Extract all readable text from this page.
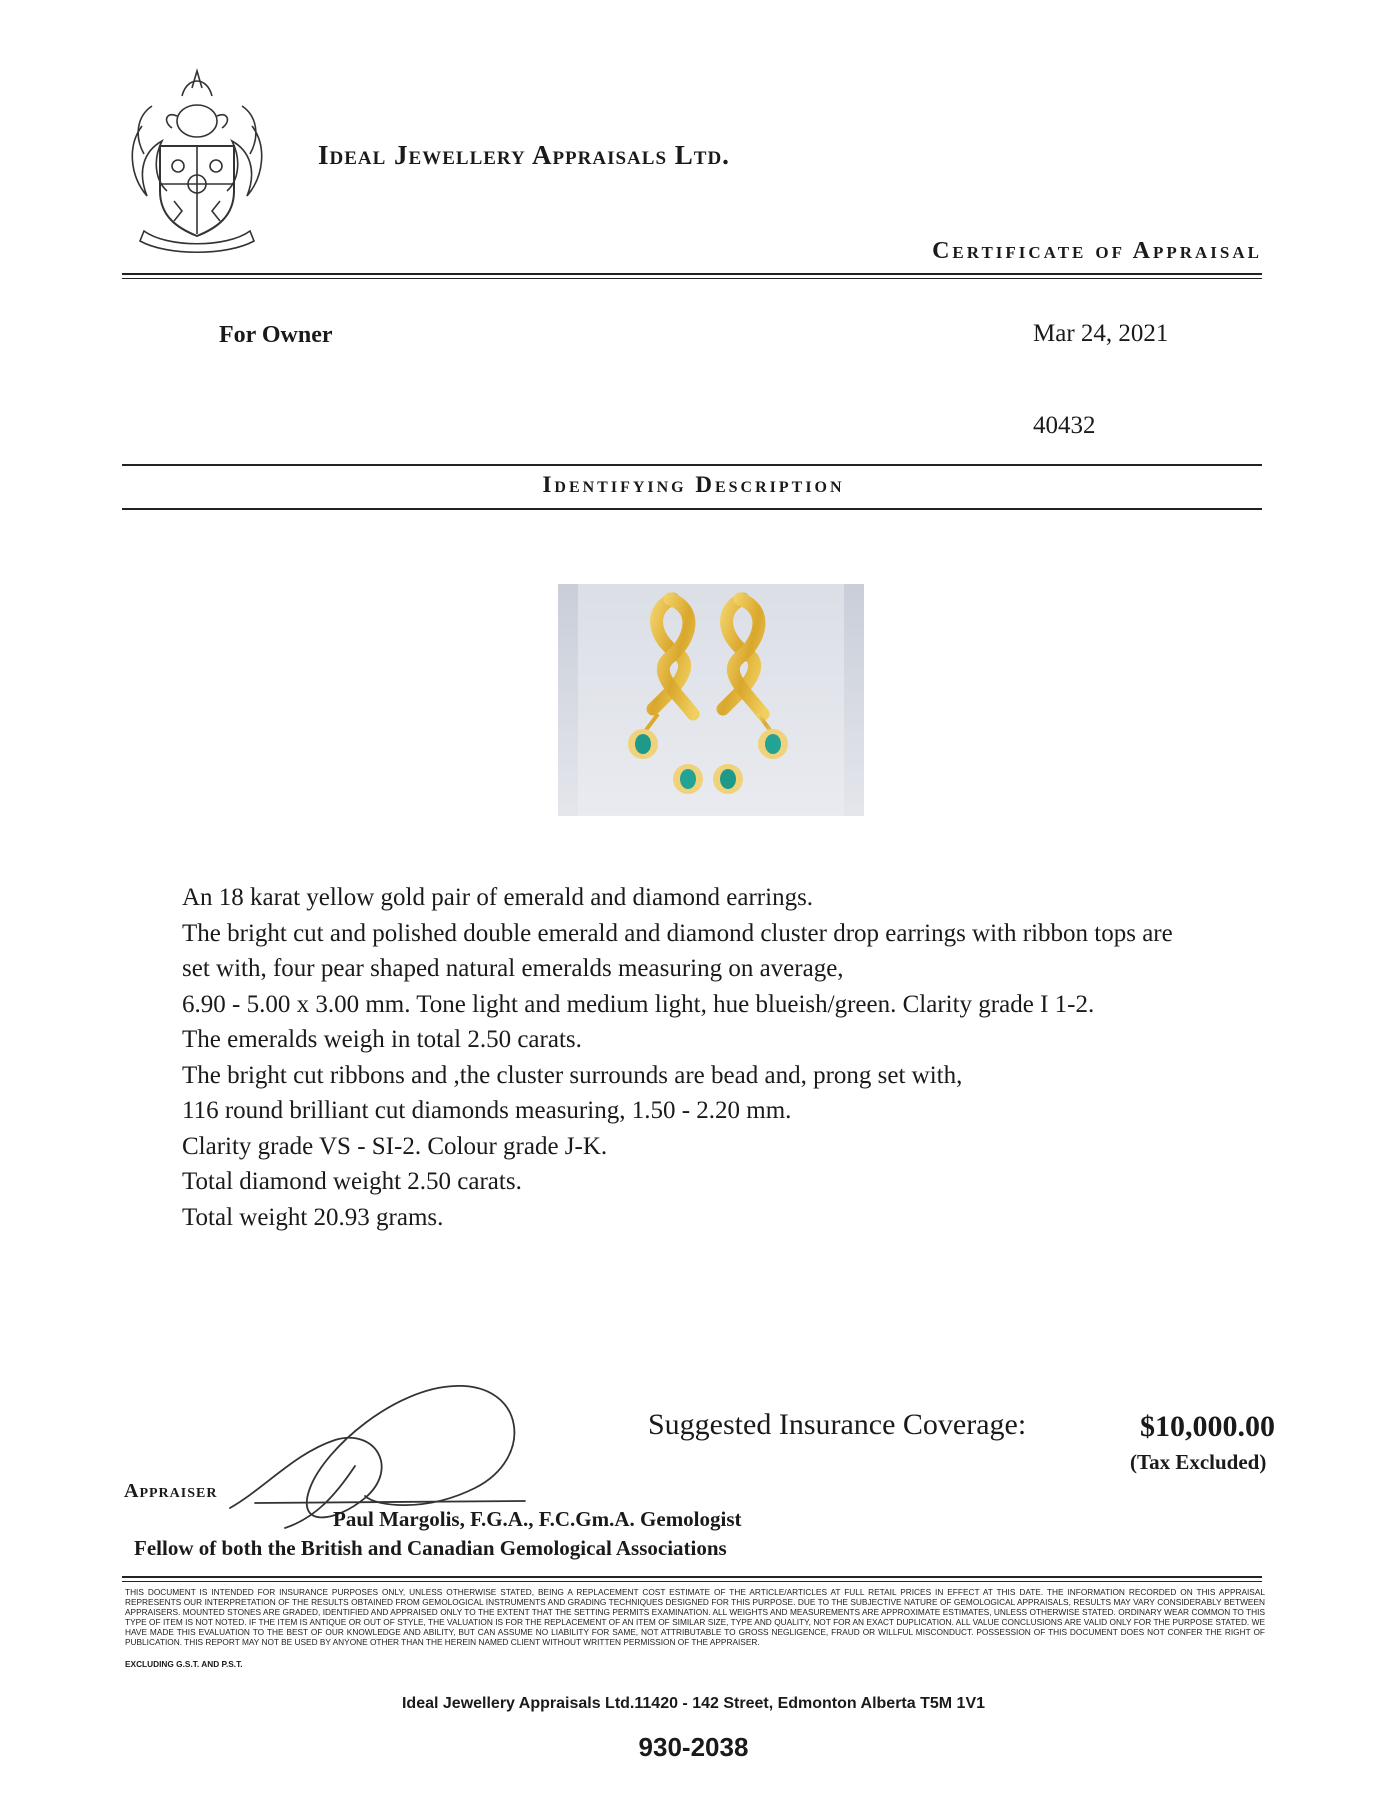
Ideal Jewellery Appraisals Ltd.
Certificate of Appraisal
For Owner	Mar 24, 2021
40432
Identifying Description
An 18 karat yellow gold pair of emerald and diamond earrings.
The bright cut and polished double emerald and diamond cluster drop earrings with ribbon tops are
set with, four pear shaped natural emeralds measuring on average,
6.90 - 5.00 x 3.00 mm. Tone light and medium light, hue blueish/green. Clarity grade I 1-2.
The emeralds weigh in total 2.50 carats.
The bright cut ribbons and ,the cluster surrounds are bead and, prong set with,
116 round brilliant cut diamonds measuring, 1.50 - 2.20 mm.
Clarity grade VS - SI-2. Colour grade J-K.
Total diamond weight 2.50 carats.
Total weight 20.93 grams.
Suggested Insurance Coverage:	$10,000.00
(Tax Excluded)
Appraiser
Paul Margolis, F.G.A., F.C.Gm.A. Gemologist
Fellow of both the British and Canadian Gemological Associations

THIS DOCUMENT IS INTENDED FOR INSURANCE PURPOSES ONLY, UNLESS OTHERWISE STATED, BEING A REPLACEMENT COST ESTIMATE OF THE ARTICLE/ARTICLES AT FULL RETAIL PRICES IN EFFECT AT THIS DATE. THE INFORMATION RECORDED ON THIS APPRAISAL REPRESENTS OUR INTERPRETATION OF THE RESULTS OBTAINED FROM GEMOLOGICAL INSTRUMENTS AND GRADING TECHNIQUES DESIGNED FOR THIS PURPOSE. DUE TO THE SUBJECTIVE NATURE OF GEMOLOGICAL APPRAISALS, RESULTS MAY VARY CONSIDERABLY BETWEEN APPRAISERS. MOUNTED STONES ARE GRADED, IDENTIFIED AND APPRAISED ONLY TO THE EXTENT THAT THE SETTING PERMITS EXAMINATION. ALL WEIGHTS AND MEASUREMENTS ARE APPROXIMATE ESTIMATES, UNLESS OTHERWISE STATED. ORDINARY WEAR COMMON TO THIS TYPE OF ITEM IS NOT NOTED. IF THE ITEM IS ANTIQUE OR OUT OF STYLE, THE VALUATION IS FOR THE REPLACEMENT OF AN ITEM OF SIMILAR SIZE, TYPE AND QUALITY, NOT FOR AN EXACT DUPLICATION. ALL VALUE CONCLUSIONS ARE VALID ONLY FOR THE PURPOSE STATED. WE HAVE MADE THIS EVALUATION TO THE BEST OF OUR KNOWLEDGE AND ABILITY, BUT CAN ASSUME NO LIABILITY FOR SAME, NOT ATTRIBUTABLE TO GROSS NEGLIGENCE, FRAUD OR WILLFUL MISCONDUCT. POSSESSION OF THIS DOCUMENT DOES NOT CONFER THE RIGHT OF PUBLICATION. THIS REPORT MAY NOT BE USED BY ANYONE OTHER THAN THE HEREIN NAMED CLIENT WITHOUT WRITTEN PERMISSION OF THE APPRAISER.

EXCLUDING G.S.T. AND P.S.T.
Ideal Jewellery Appraisals Ltd.11420 - 142 Street, Edmonton Alberta T5M 1V1
930-2038
